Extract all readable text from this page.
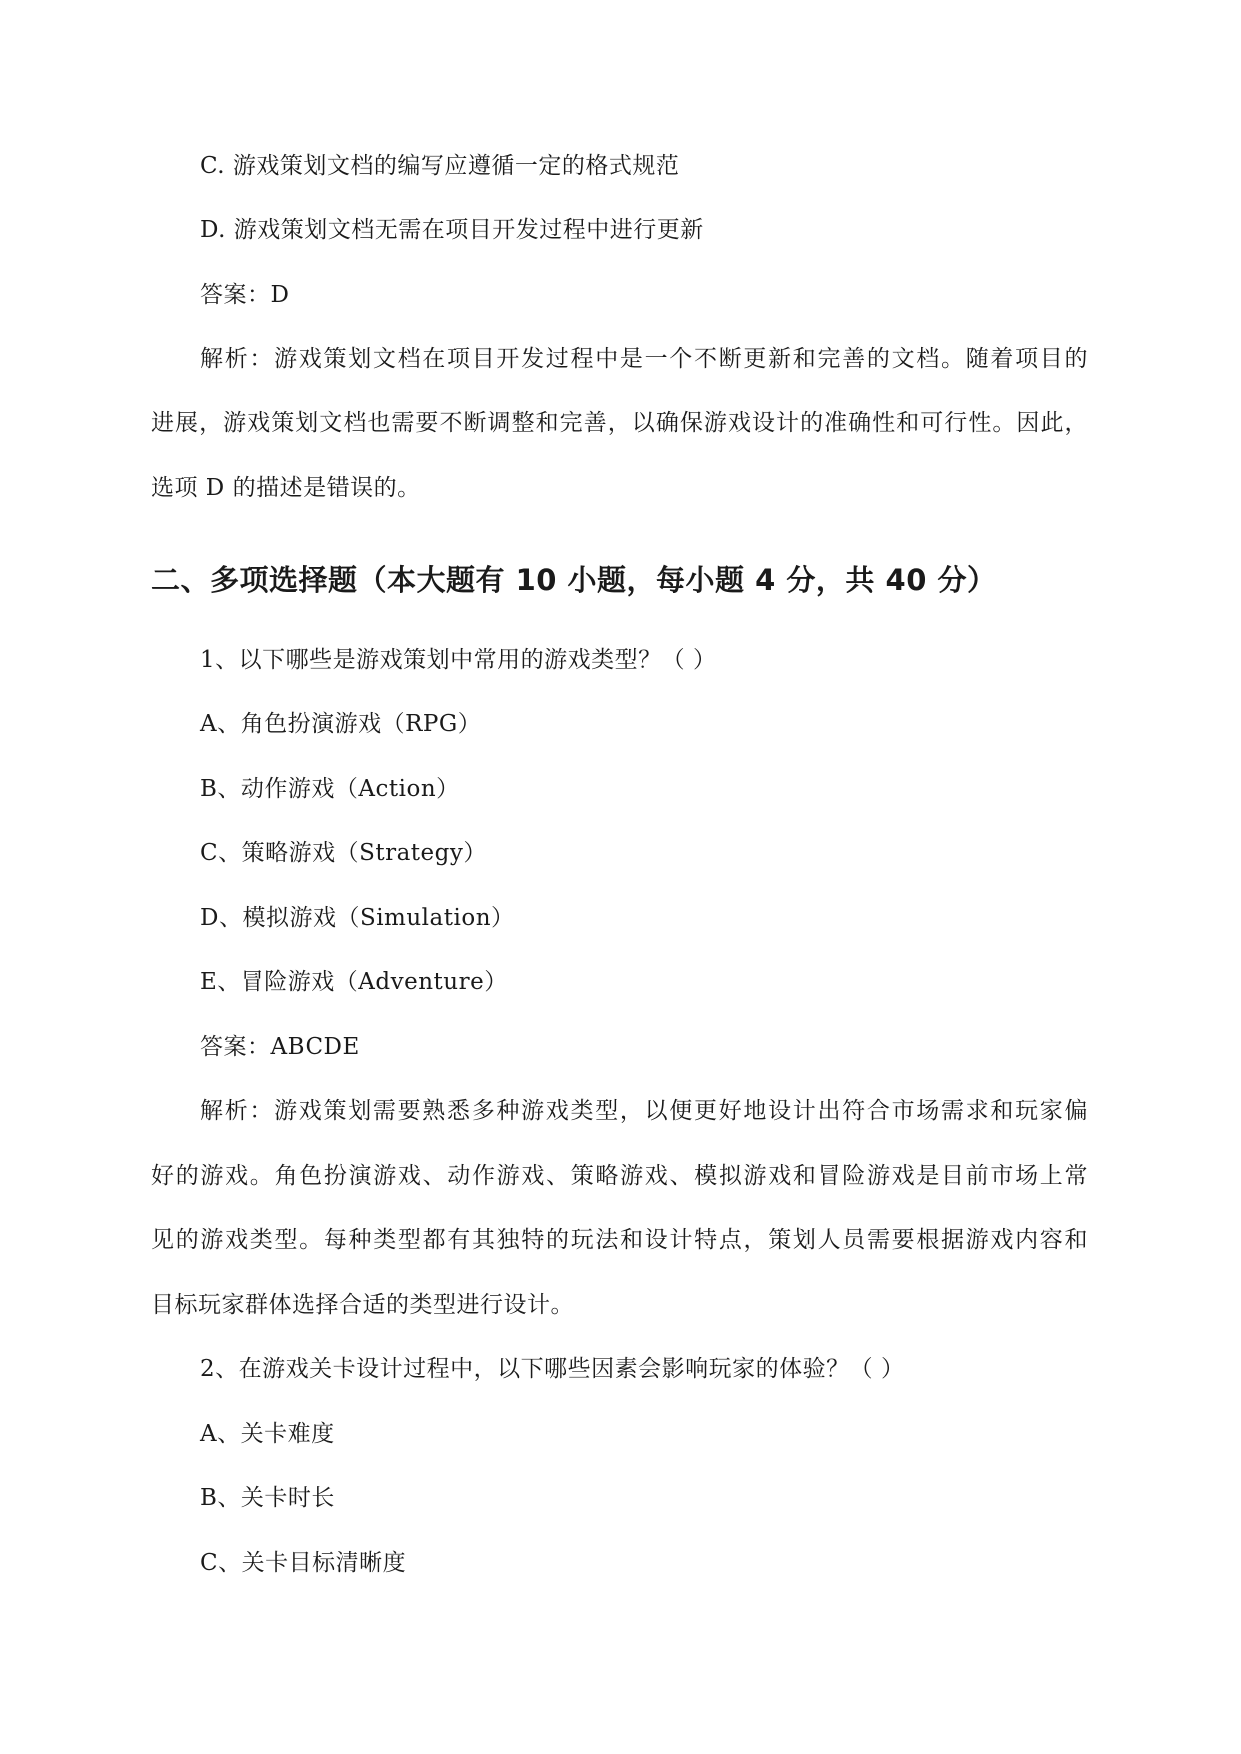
C. 游戏策划文档的编写应遵循一定的格式规范
D. 游戏策划文档无需在项目开发过程中进行更新
答案：D
解析：游戏策划文档在项目开发过程中是一个不断更新和完善的文档。随着项目的
进展，游戏策划文档也需要不断调整和完善，以确保游戏设计的准确性和可行性。因此，
选项 D 的描述是错误的。
二、多项选择题（本大题有 10 小题，每小题 4 分，共 40 分）
1、以下哪些是游戏策划中常用的游戏类型？（ ）
A、角色扮演游戏（RPG）
B、动作游戏（Action）
C、策略游戏（Strategy）
D、模拟游戏（Simulation）
E、冒险游戏（Adventure）
答案：ABCDE
解析：游戏策划需要熟悉多种游戏类型，以便更好地设计出符合市场需求和玩家偏
好的游戏。角色扮演游戏、动作游戏、策略游戏、模拟游戏和冒险游戏是目前市场上常
见的游戏类型。每种类型都有其独特的玩法和设计特点，策划人员需要根据游戏内容和
目标玩家群体选择合适的类型进行设计。
2、在游戏关卡设计过程中，以下哪些因素会影响玩家的体验？（ ）
A、关卡难度
B、关卡时长
C、关卡目标清晰度
